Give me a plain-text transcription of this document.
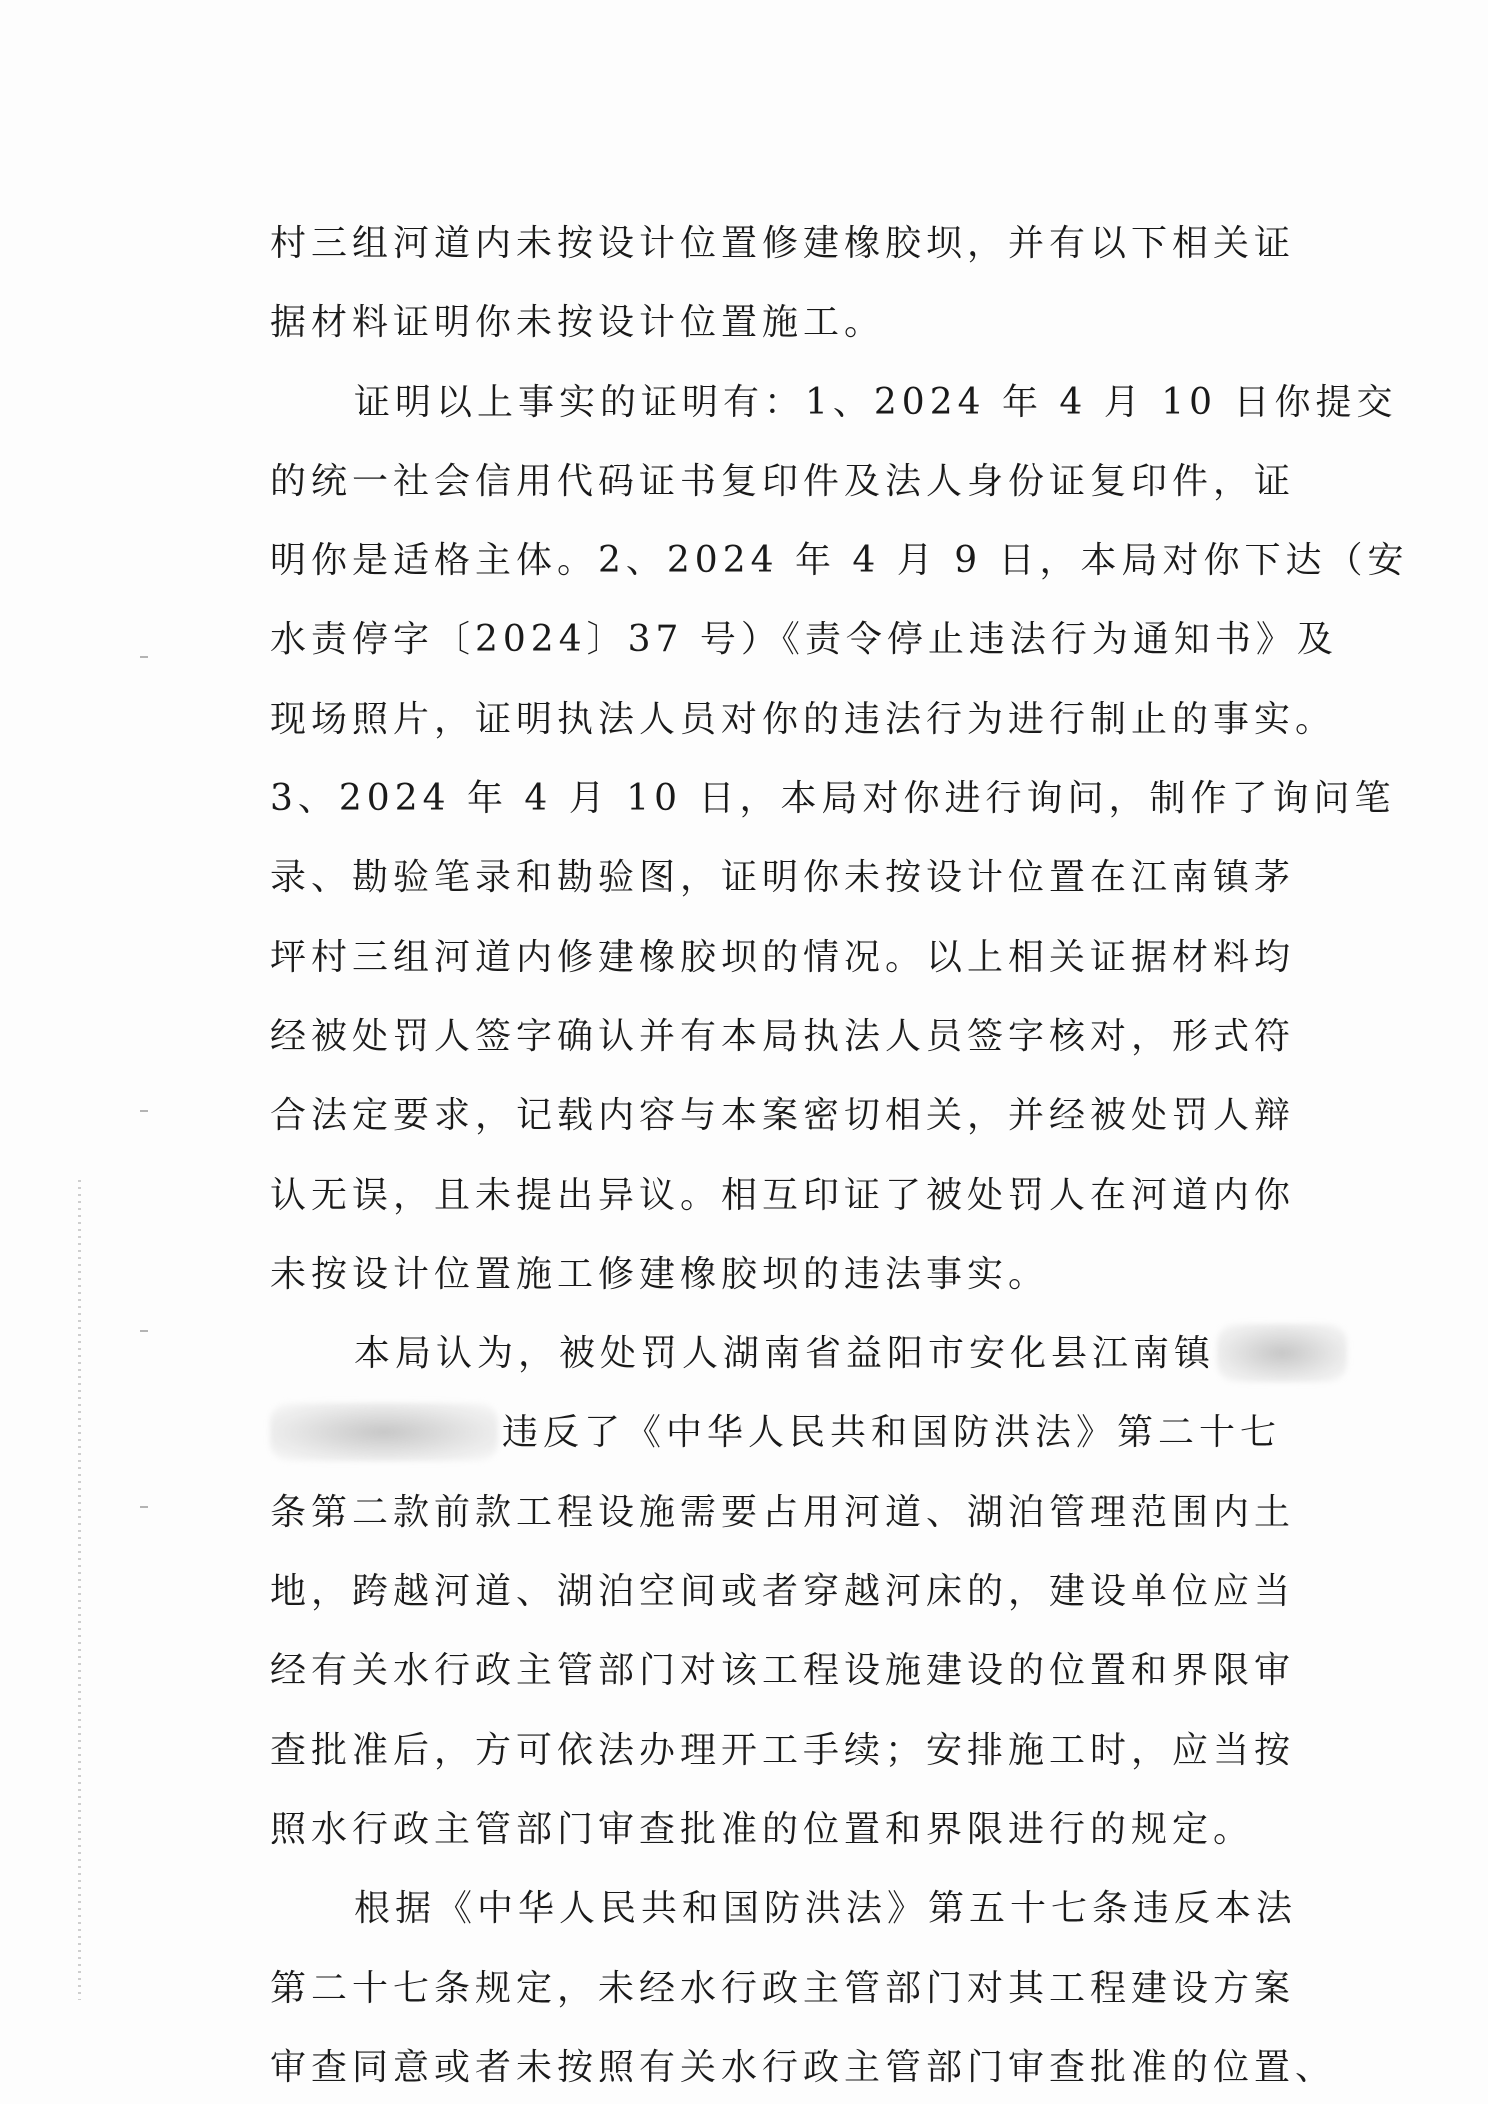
村三组河道内未按设计位置修建橡胶坝，并有以下相关证
据材料证明你未按设计位置施工。
证明以上事实的证明有：1、2024 年 4 月 10 日你提交
的统一社会信用代码证书复印件及法人身份证复印件，证
明你是适格主体。2、2024 年 4 月 9 日，本局对你下达（安
水责停字〔2024〕37 号）《责令停止违法行为通知书》及
现场照片，证明执法人员对你的违法行为进行制止的事实。
3、2024 年 4 月 10 日，本局对你进行询问，制作了询问笔
录、勘验笔录和勘验图，证明你未按设计位置在江南镇茅
坪村三组河道内修建橡胶坝的情况。以上相关证据材料均
经被处罚人签字确认并有本局执法人员签字核对，形式符
合法定要求，记载内容与本案密切相关，并经被处罚人辩
认无误，且未提出异议。相互印证了被处罚人在河道内你
未按设计位置施工修建橡胶坝的违法事实。
本局认为，被处罚人湖南省益阳市安化县江南镇
违反了《中华人民共和国防洪法》第二十七
条第二款前款工程设施需要占用河道、湖泊管理范围内土
地，跨越河道、湖泊空间或者穿越河床的，建设单位应当
经有关水行政主管部门对该工程设施建设的位置和界限审
查批准后，方可依法办理开工手续；安排施工时，应当按
照水行政主管部门审查批准的位置和界限进行的规定。
根据《中华人民共和国防洪法》第五十七条违反本法
第二十七条规定，未经水行政主管部门对其工程建设方案
审查同意或者未按照有关水行政主管部门审查批准的位置、
